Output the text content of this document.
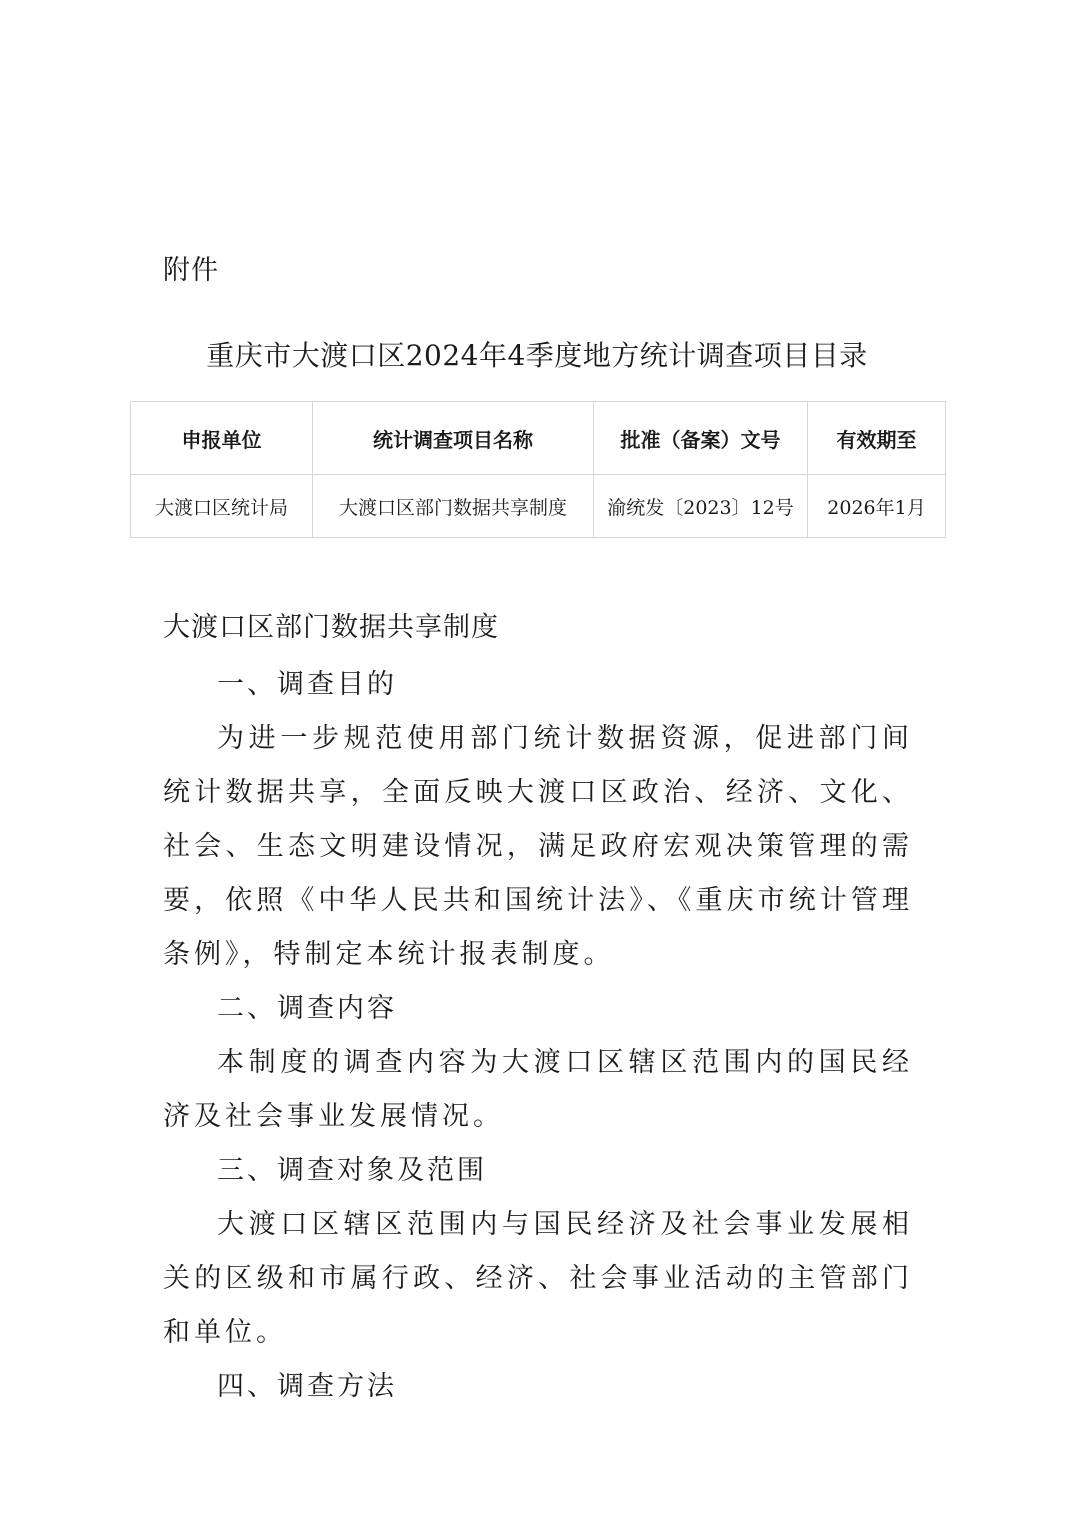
附件
重庆市大渡口区2024年4季度地方统计调查项目目录
申报单位	统计调查项目名称	批准（备案）文号	有效期至
大渡口区统计局	大渡口区部门数据共享制度	渝统发〔2023〕12号	2026年1月
大渡口区部门数据共享制度
一、调查目的
为进一步规范使用部门统计数据资源，促进部门间统计数据共享，全面反映大渡口区政治、经济、文化、社会、生态文明建设情况，满足政府宏观决策管理的需要，依照《中华人民共和国统计法》、《重庆市统计管理条例》，特制定本统计报表制度。
二、调查内容
本制度的调查内容为大渡口区辖区范围内的国民经济及社会事业发展情况。
三、调查对象及范围
大渡口区辖区范围内与国民经济及社会事业发展相关的区级和市属行政、经济、社会事业活动的主管部门和单位。
四、调查方法
